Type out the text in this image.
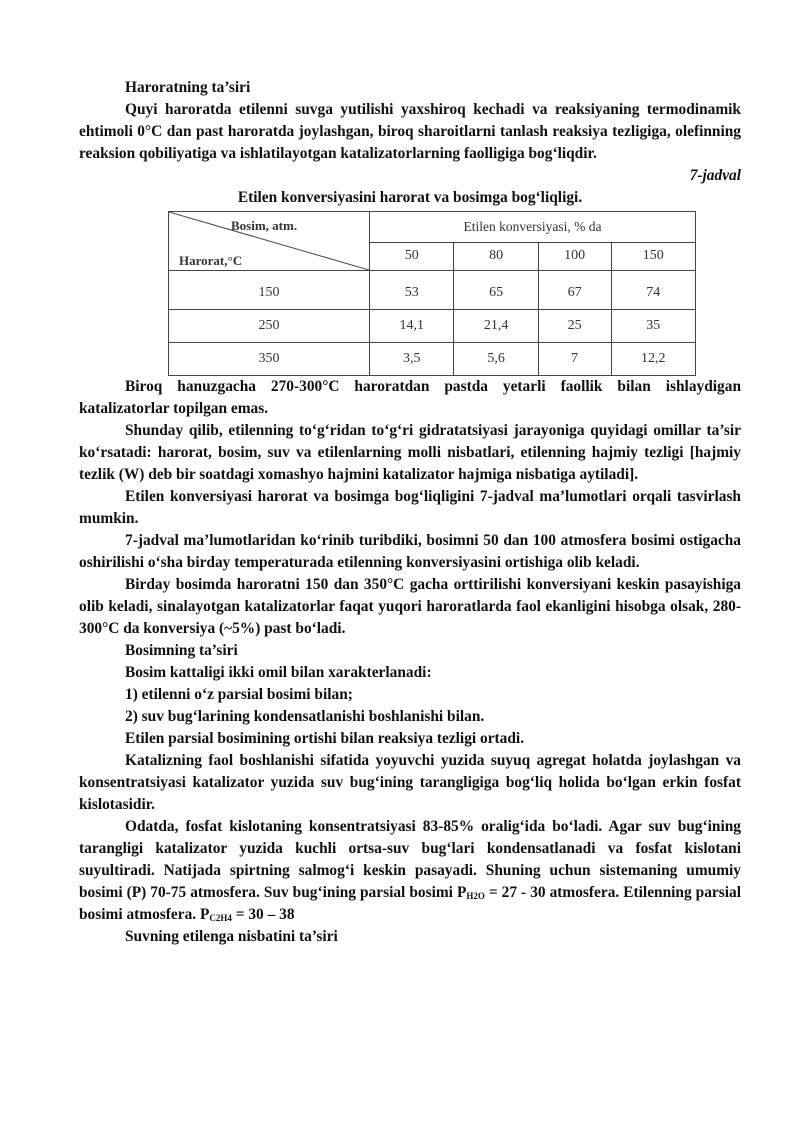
Haroratning ta’siri

Quyi haroratda etilenni suvga yutilishi yaxshiroq kechadi va reaksiyaning termodinamik ehtimoli 0°C dan past haroratda joylashgan, biroq sharoitlarni tanlash reaksiya tezligiga, olefinning reaksion qobiliyatiga va ishlatilayotgan katalizatorlarning faolligiga bog‘liqdir.

7-jadval

Etilen konversiyasini harorat va bosimga bog‘liqligi.

Bosim, atm.
Harorat,°C	Etilen konversiyasi, % da			
	50	80	100	150
150	53	65	67	74
250	14,1	21,4	25	35
350	3,5	5,6	7	12,2

Biroq hanuzgacha 270-300°C haroratdan pastda yetarli faollik bilan ishlaydigan katalizatorlar topilgan emas.

Shunday qilib, etilenning to‘g‘ridan to‘g‘ri gidratatsiyasi jarayoniga quyidagi omillar ta’sir ko‘rsatadi: harorat, bosim, suv va etilenlarning molli nisbatlari, etilenning hajmiy tezligi [hajmiy tezlik (W) deb bir soatdagi xomashyo hajmini katalizator hajmiga nisbatiga aytiladi].

Etilen konversiyasi harorat va bosimga bog‘liqligini 7-jadval ma’lumotlari orqali tasvirlash mumkin.

7-jadval ma’lumotlaridan ko‘rinib turibdiki, bosimni 50 dan 100 atmosfera bosimi ostigacha oshirilishi o‘sha birday temperaturada etilenning konversiyasini ortishiga olib keladi.

Birday bosimda haroratni 150 dan 350°C gacha orttirilishi konversiyani keskin pasayishiga olib keladi, sinalayotgan katalizatorlar faqat yuqori haroratlarda faol ekanligini hisobga olsak, 280-300°C da konversiya (~5%) past bo‘ladi.

Bosimning ta’siri

Bosim kattaligi ikki omil bilan xarakterlanadi:

1) etilenni o‘z parsial bosimi bilan;

2) suv bug‘larining kondensatlanishi boshlanishi bilan.

Etilen parsial bosimining ortishi bilan reaksiya tezligi ortadi.

Katalizning faol boshlanishi sifatida yoyuvchi yuzida suyuq agregat holatda joylashgan va konsentratsiyasi katalizator yuzida suv bug‘ining tarangligiga bog‘liq holida bo‘lgan erkin fosfat kislotasidir.

Odatda, fosfat kislotaning konsentratsiyasi 83-85% oralig‘ida bo‘ladi. Agar suv bug‘ining tarangligi katalizator yuzida kuchli ortsa-suv bug‘lari kondensatlanadi va fosfat kislotani suyultiradi. Natijada spirtning salmog‘i keskin pasayadi. Shuning uchun sistemaning umumiy bosimi (P) 70-75 atmosfera. Suv bug‘ining parsial bosimi $P_{H2O} = 27 - 30$ atmosfera. Etilenning parsial bosimi atmosfera. $P_{C2H4} = 30 - 38$

Suvning etilenga nisbatini ta’siri
